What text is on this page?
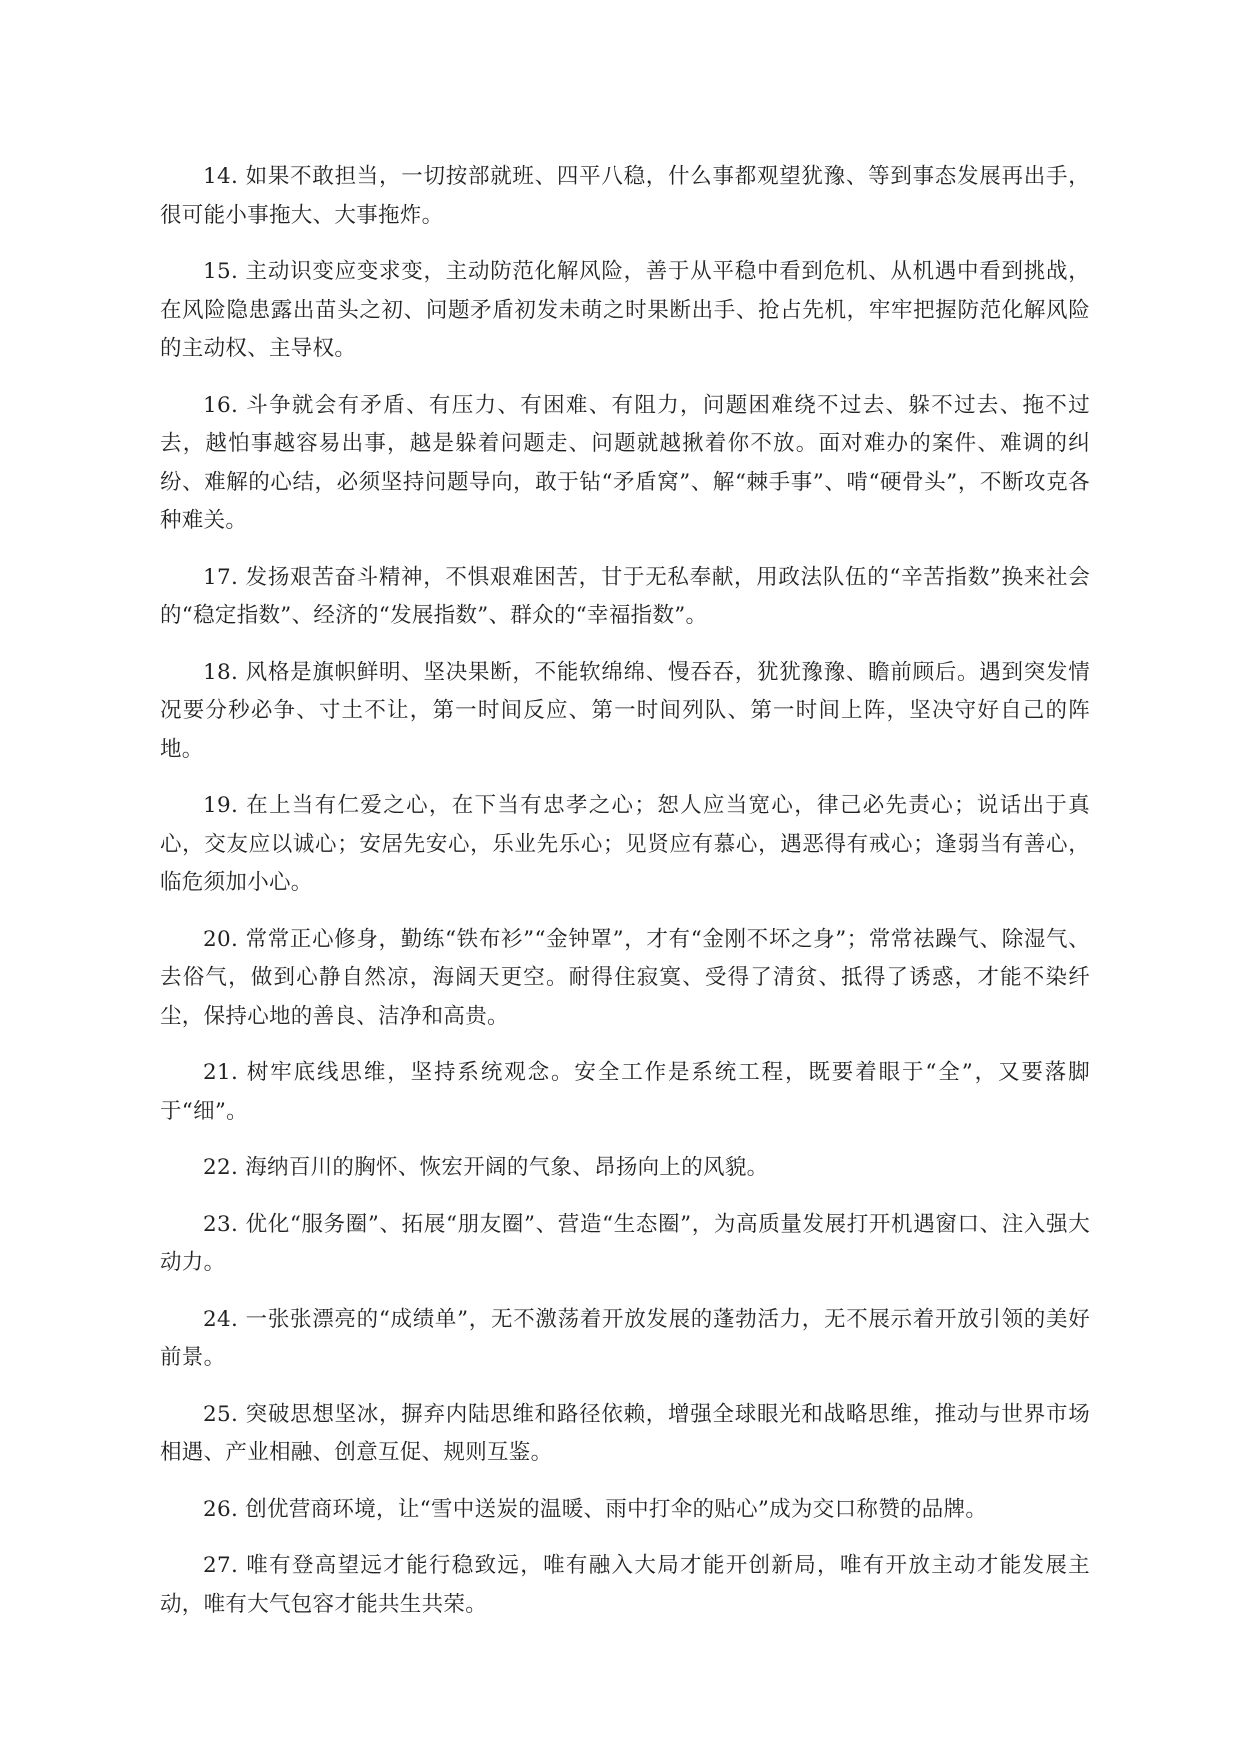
14. 如果不敢担当，一切按部就班、四平八稳，什么事都观望犹豫、等到事态发展再出手，很可能小事拖大、大事拖炸。

15. 主动识变应变求变，主动防范化解风险，善于从平稳中看到危机、从机遇中看到挑战，在风险隐患露出苗头之初、问题矛盾初发未萌之时果断出手、抢占先机，牢牢把握防范化解风险的主动权、主导权。

16. 斗争就会有矛盾、有压力、有困难、有阻力，问题困难绕不过去、躲不过去、拖不过去，越怕事越容易出事，越是躲着问题走、问题就越揪着你不放。面对难办的案件、难调的纠纷、难解的心结，必须坚持问题导向，敢于钻“矛盾窝”、解“棘手事”、啃“硬骨头”，不断攻克各种难关。

17. 发扬艰苦奋斗精神，不惧艰难困苦，甘于无私奉献，用政法队伍的“辛苦指数”换来社会的“稳定指数”、经济的“发展指数”、群众的“幸福指数”。

18. 风格是旗帜鲜明、坚决果断，不能软绵绵、慢吞吞，犹犹豫豫、瞻前顾后。遇到突发情况要分秒必争、寸土不让，第一时间反应、第一时间列队、第一时间上阵，坚决守好自己的阵地。

19. 在上当有仁爱之心，在下当有忠孝之心；恕人应当宽心，律己必先责心；说话出于真心，交友应以诚心；安居先安心，乐业先乐心；见贤应有慕心，遇恶得有戒心；逢弱当有善心，临危须加小心。

20. 常常正心修身，勤练“铁布衫”“金钟罩”，才有“金刚不坏之身”；常常祛躁气、除湿气、去俗气，做到心静自然凉，海阔天更空。耐得住寂寞、受得了清贫、抵得了诱惑，才能不染纤尘，保持心地的善良、洁净和高贵。

21. 树牢底线思维，坚持系统观念。安全工作是系统工程，既要着眼于“全”，又要落脚于“细”。

22. 海纳百川的胸怀、恢宏开阔的气象、昂扬向上的风貌。

23. 优化“服务圈”、拓展“朋友圈”、营造“生态圈”，为高质量发展打开机遇窗口、注入强大动力。

24. 一张张漂亮的“成绩单”，无不激荡着开放发展的蓬勃活力，无不展示着开放引领的美好前景。

25. 突破思想坚冰，摒弃内陆思维和路径依赖，增强全球眼光和战略思维，推动与世界市场相遇、产业相融、创意互促、规则互鉴。

26. 创优营商环境，让“雪中送炭的温暖、雨中打伞的贴心”成为交口称赞的品牌。

27. 唯有登高望远才能行稳致远，唯有融入大局才能开创新局，唯有开放主动才能发展主动，唯有大气包容才能共生共荣。
